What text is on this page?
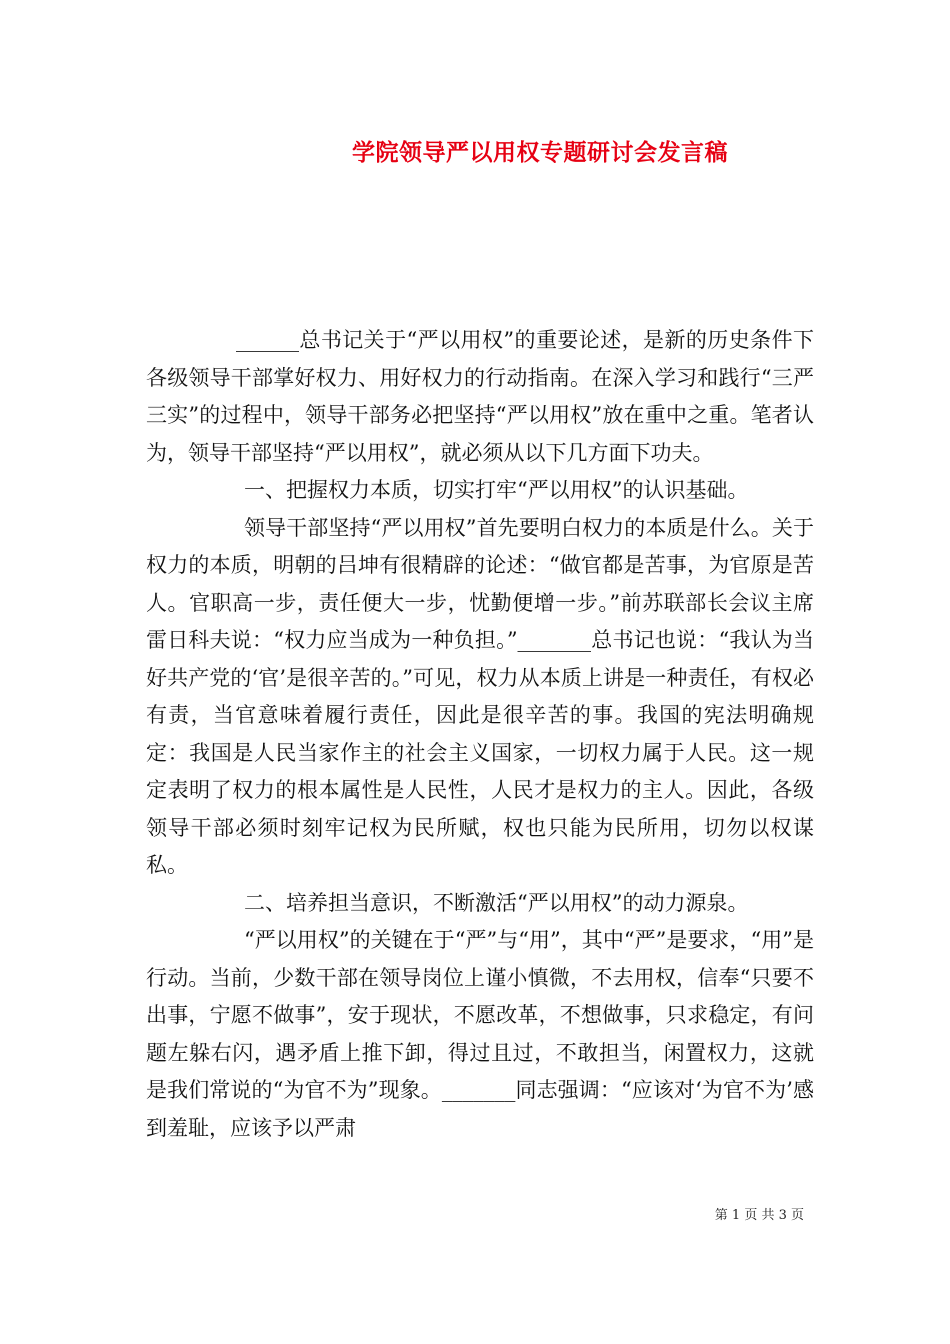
学院领导严以用权专题研讨会发言稿

______总书记关于“严以用权”的重要论述，是新的历史条件下各级领导干部掌好权力、用好权力的行动指南。在深入学习和践行“三严三实”的过程中，领导干部务必把坚持“严以用权”放在重中之重。笔者认为，领导干部坚持“严以用权”，就必须从以下几方面下功夫。

一、把握权力本质，切实打牢“严以用权”的认识基础。

领导干部坚持“严以用权”首先要明白权力的本质是什么。关于权力的本质，明朝的吕坤有很精辟的论述：“做官都是苦事，为官原是苦人。官职高一步，责任便大一步，忧勤便增一步。”前苏联部长会议主席雷日科夫说：“权力应当成为一种负担。”_______总书记也说：“我认为当好共产党的‘官’是很辛苦的。”可见，权力从本质上讲是一种责任，有权必有责，当官意味着履行责任，因此是很辛苦的事。我国的宪法明确规定：我国是人民当家作主的社会主义国家，一切权力属于人民。这一规定表明了权力的根本属性是人民性，人民才是权力的主人。因此，各级领导干部必须时刻牢记权为民所赋，权也只能为民所用，切勿以权谋私。

二、培养担当意识，不断激活“严以用权”的动力源泉。

“严以用权”的关键在于“严”与“用”，其中“严”是要求，“用”是行动。当前，少数干部在领导岗位上谨小慎微，不去用权，信奉“只要不出事，宁愿不做事”，安于现状，不愿改革，不想做事，只求稳定，有问题左躲右闪，遇矛盾上推下卸，得过且过，不敢担当，闲置权力，这就是我们常说的“为官不为”现象。_______同志强调：“应该对‘为官不为’感到羞耻，应该予以严肃

第 1 页 共 3 页
